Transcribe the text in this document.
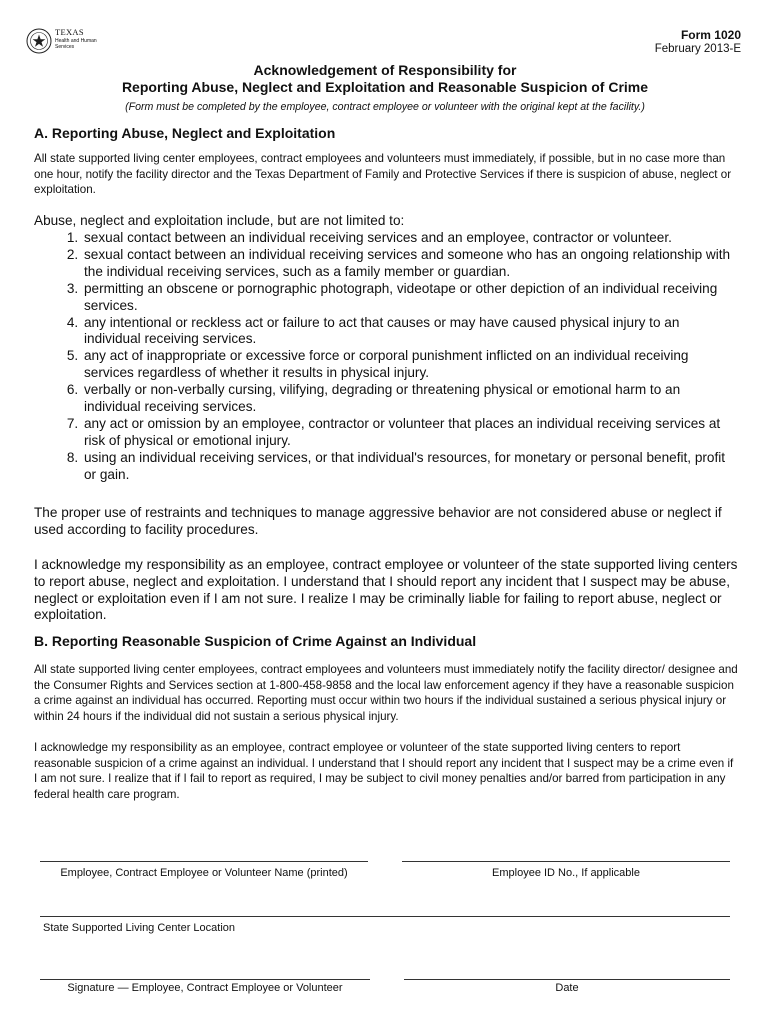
TEXAS
Health and Human Services
Form 1020
February 2013-E
Acknowledgement of Responsibility for
Reporting Abuse, Neglect and Exploitation and Reasonable Suspicion of Crime
(Form must be completed by the employee, contract employee or volunteer with the original kept at the facility.)
A. Reporting Abuse, Neglect and Exploitation

All state supported living center employees, contract employees and volunteers must immediately, if possible, but in no case more than one hour, notify the facility director and the Texas Department of Family and Protective Services if there is suspicion of abuse, neglect or exploitation.

Abuse, neglect and exploitation include, but are not limited to:

1. sexual contact between an individual receiving services and an employee, contractor or volunteer.
2. sexual contact between an individual receiving services and someone who has an ongoing relationship with the individual receiving services, such as a family member or guardian.
3. permitting an obscene or pornographic photograph, videotape or other depiction of an individual receiving services.
4. any intentional or reckless act or failure to act that causes or may have caused physical injury to an individual receiving services.
5. any act of inappropriate or excessive force or corporal punishment inflicted on an individual receiving services regardless of whether it results in physical injury.
6. verbally or non-verbally cursing, vilifying, degrading or threatening physical or emotional harm to an individual receiving services.
7. any act or omission by an employee, contractor or volunteer that places an individual receiving services at risk of physical or emotional injury.
8. using an individual receiving services, or that individual's resources, for monetary or personal benefit, profit or gain.

The proper use of restraints and techniques to manage aggressive behavior are not considered abuse or neglect if used according to facility procedures.

I acknowledge my responsibility as an employee, contract employee or volunteer of the state supported living centers to report abuse, neglect and exploitation. I understand that I should report any incident that I suspect may be abuse, neglect or exploitation even if I am not sure. I realize I may be criminally liable for failing to report abuse, neglect or exploitation.

B. Reporting Reasonable Suspicion of Crime Against an Individual

All state supported living center employees, contract employees and volunteers must immediately notify the facility director/ designee and the Consumer Rights and Services section at 1-800-458-9858 and the local law enforcement agency if they have a reasonable suspicion a crime against an individual has occurred. Reporting must occur within two hours if the individual sustained a serious physical injury or within 24 hours if the individual did not sustain a serious physical injury.

I acknowledge my responsibility as an employee, contract employee or volunteer of the state supported living centers to report reasonable suspicion of a crime against an individual. I understand that I should report any incident that I suspect may be a crime even if I am not sure. I realize that if I fail to report as required, I may be subject to civil money penalties and/or barred from participation in any federal health care program.

Employee, Contract Employee or Volunteer Name (printed)	Employee ID No., If applicable
State Supported Living Center Location
Signature — Employee, Contract Employee or Volunteer	Date
